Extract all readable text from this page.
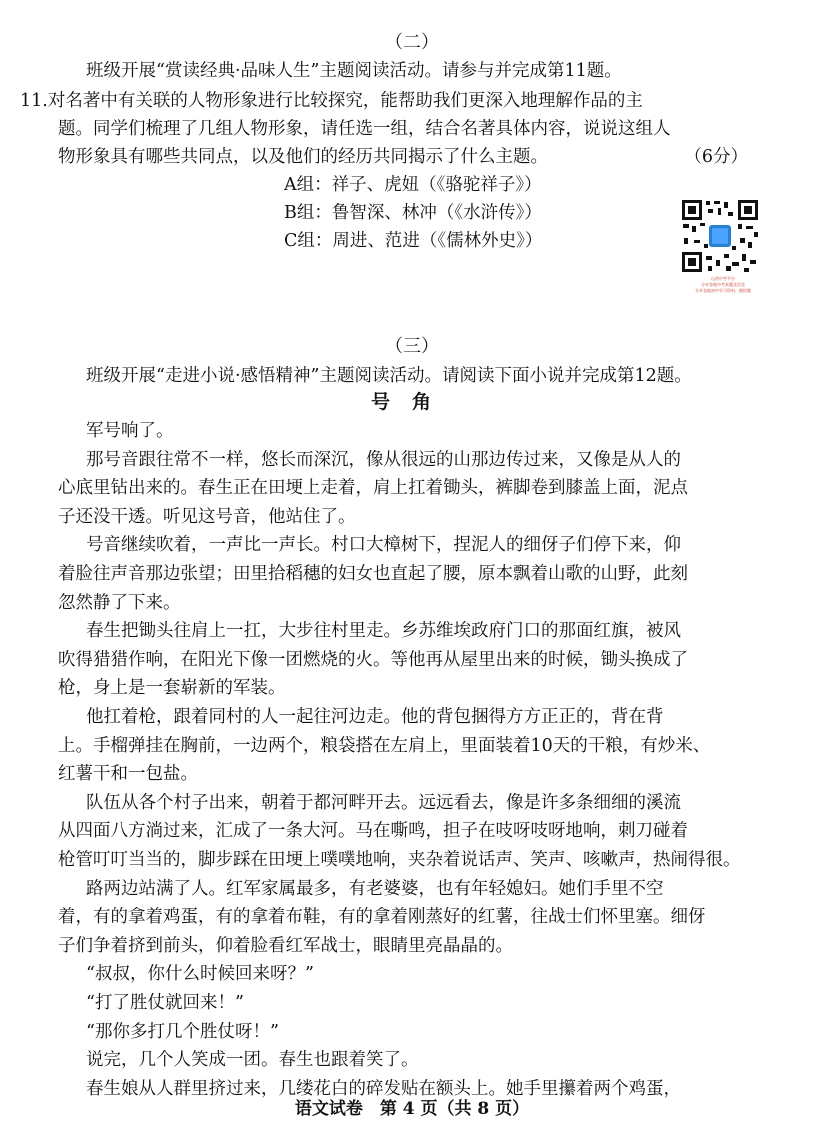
（二）
班级开展“赏读经典·品味人生”主题阅读活动。请参与并完成第11题。
11.对名著中有关联的人物形象进行比较探究，能帮助我们更深入地理解作品的主
题。同学们梳理了几组人物形象，请任选一组，结合名著具体内容，说说这组人
物形象具有哪些共同点，以及他们的经历共同揭示了什么主题。	（6分）
A组：祥子、虎妞（《骆驼祥子》）
B组：鲁智深、林冲（《水浒传》）
C组：周进、范进（《儒林外史》）
山西中考平台
分享各地中考真题及信息
分享各地初中学习资料、模拟题
（三）
班级开展“走进小说·感悟精神”主题阅读活动。请阅读下面小说并完成第12题。
号角
军号响了。
那号音跟往常不一样，悠长而深沉，像从很远的山那边传过来，又像是从人的
心底里钻出来的。春生正在田埂上走着，肩上扛着锄头，裤脚卷到膝盖上面，泥点
子还没干透。听见这号音，他站住了。
号音继续吹着，一声比一声长。村口大樟树下，捏泥人的细伢子们停下来，仰
着脸往声音那边张望；田里拾稻穗的妇女也直起了腰，原本飘着山歌的山野，此刻
忽然静了下来。
春生把锄头往肩上一扛，大步往村里走。乡苏维埃政府门口的那面红旗，被风
吹得猎猎作响，在阳光下像一团燃烧的火。等他再从屋里出来的时候，锄头换成了
枪，身上是一套崭新的军装。
他扛着枪，跟着同村的人一起往河边走。他的背包捆得方方正正的，背在背
上。手榴弹挂在胸前，一边两个，粮袋搭在左肩上，里面装着10天的干粮，有炒米、
红薯干和一包盐。
队伍从各个村子出来，朝着于都河畔开去。远远看去，像是许多条细细的溪流
从四面八方淌过来，汇成了一条大河。马在嘶鸣，担子在吱呀吱呀地响，刺刀碰着
枪管叮叮当当的，脚步踩在田埂上噗噗地响，夹杂着说话声、笑声、咳嗽声，热闹得很。
路两边站满了人。红军家属最多，有老婆婆，也有年轻媳妇。她们手里不空
着，有的拿着鸡蛋，有的拿着布鞋，有的拿着刚蒸好的红薯，往战士们怀里塞。细伢
子们争着挤到前头，仰着脸看红军战士，眼睛里亮晶晶的。
“叔叔，你什么时候回来呀？”
“打了胜仗就回来！”
“那你多打几个胜仗呀！”
说完，几个人笑成一团。春生也跟着笑了。
春生娘从人群里挤过来，几缕花白的碎发贴在额头上。她手里攥着两个鸡蛋，
语文试卷　第 4 页（共 8 页）
